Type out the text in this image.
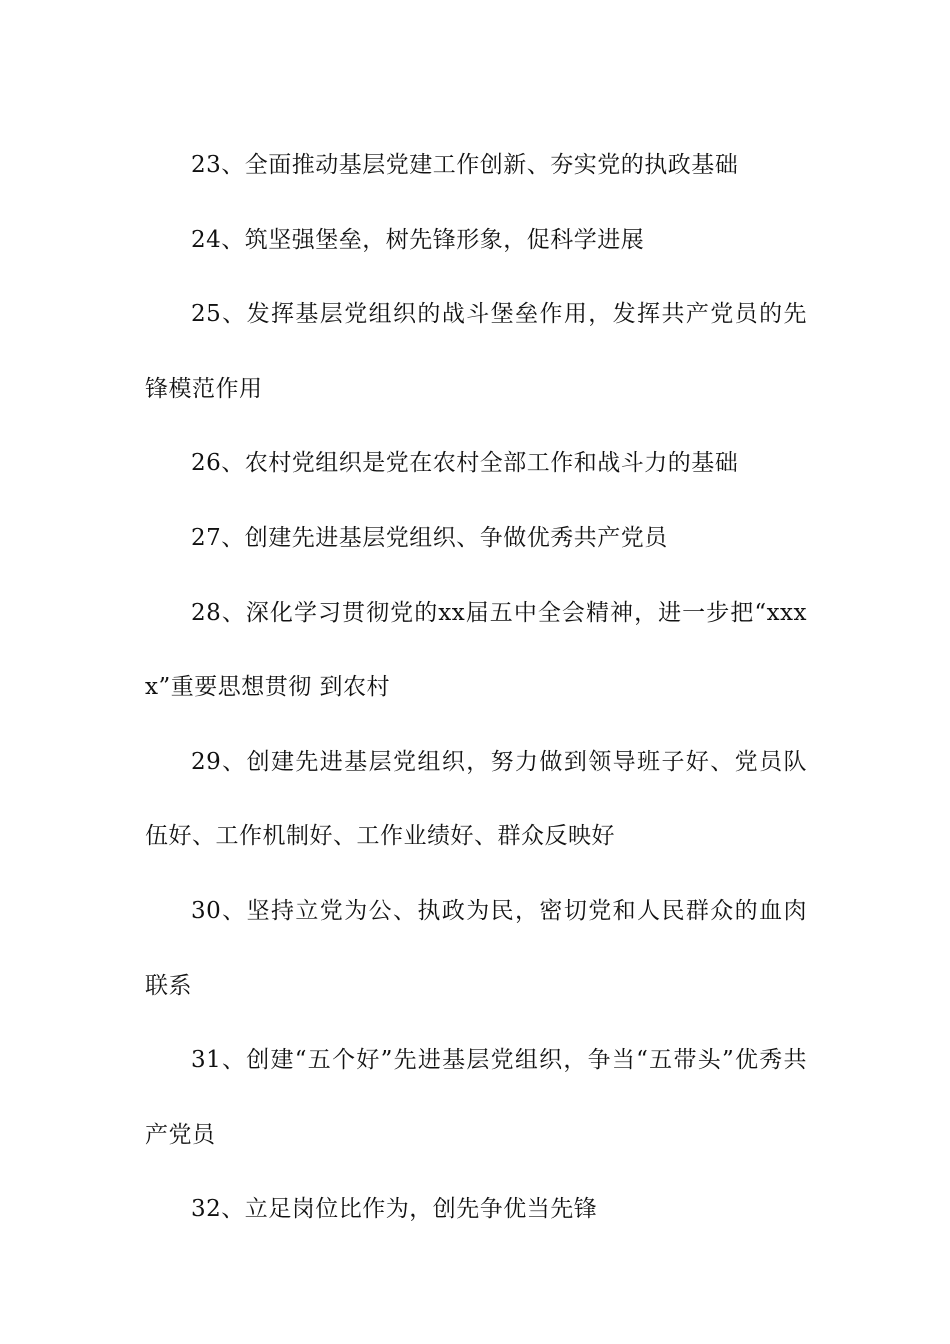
23、全面推动基层党建工作创新、夯实党的执政基础

24、筑坚强堡垒，树先锋形象，促科学进展

25、发挥基层党组织的战斗堡垒作用，发挥共产党员的先锋模范作用

26、农村党组织是党在农村全部工作和战斗力的基础

27、创建先进基层党组织、争做优秀共产党员

28、深化学习贯彻党的xx届五中全会精神，进一步把“xxxx”重要思想贯彻 到农村

29、创建先进基层党组织，努力做到领导班子好、党员队伍好、工作机制好、工作业绩好、群众反映好

30、坚持立党为公、执政为民，密切党和人民群众的血肉联系

31、创建“五个好”先进基层党组织，争当“五带头”优秀共产党员

32、立足岗位比作为，创先争优当先锋
